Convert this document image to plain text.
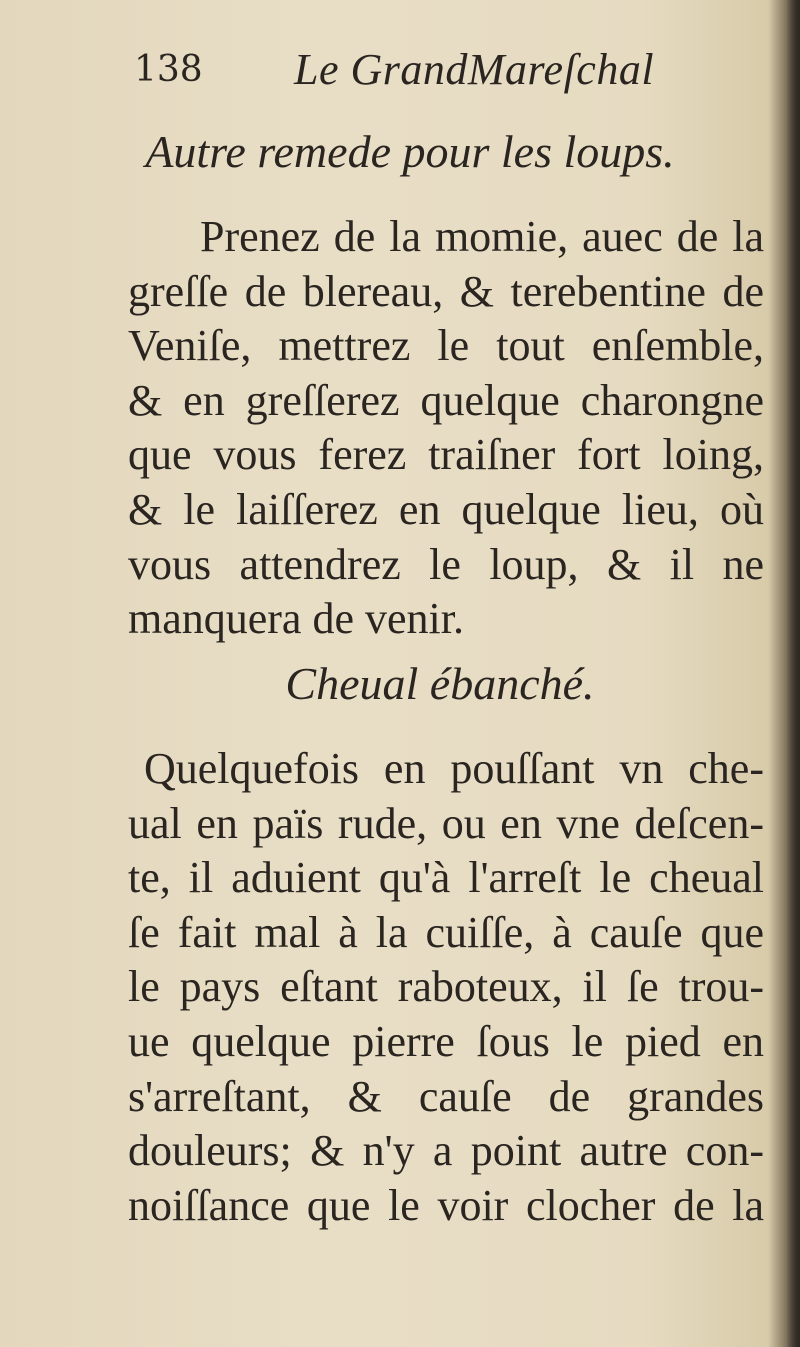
138 Le GrandMareſchal
Autre remede pour les loups.
Prenez de la momie, auec de la
greſſe de blereau, & terebentine de
Veniſe, mettrez le tout enſemble,
& en greſſerez quelque charongne
que vous ferez traiſner fort loing,
& le laiſſerez en quelque lieu, où
vous attendrez le loup, & il ne
manquera de venir.
Cheual ébanché.
Quelquefois en pouſſant vn che-
ual en païs rude, ou en vne deſcen-
te, il aduient qu'à l'arreſt le cheual
ſe fait mal à la cuiſſe, à cauſe que
le pays eſtant raboteux, il ſe trou-
ue quelque pierre ſous le pied en
s'arreſtant, & cauſe de grandes
douleurs; & n'y a point autre con-
noiſſance que le voir clocher de la
